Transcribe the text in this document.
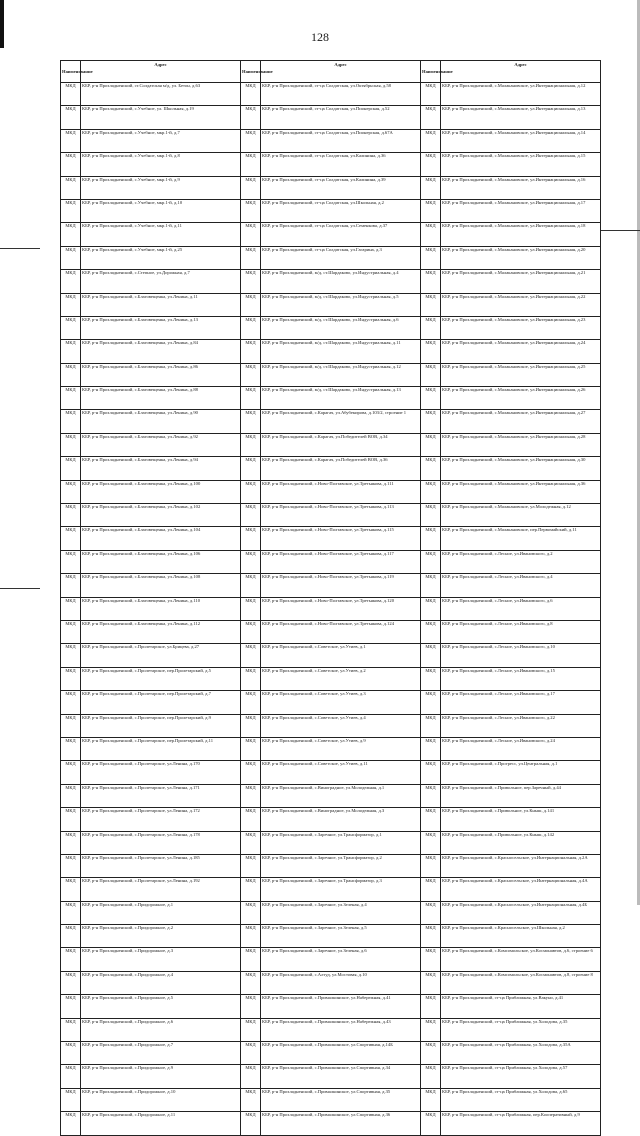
128
Наименование	Адрес	Наименование	Адрес	Наименование	Адрес
МКД	КБР, р-н Прохладненский, ст.Солдатская м/д, ул. Бетон, д.63	МКД	КБР, р-н Прохладненский, ст-ца Солдатская, ул.Октябрьская, д.58	МКД	КБР, р-н Прохладненский, с.Малакановское, ул.Интернациональная, д.12
МКД	КБР, р-н Прохладненский, с.Учебное, ул. Школьная, д.19	МКД	КБР, р-н Прохладненский, ст-ца Солдатская, ул.Пионерская, д.52	МКД	КБР, р-н Прохладненский, с.Малакановское, ул.Интернациональная, д.13
МКД	КБР, р-н Прохладненский, с.Учебное, мкр.1-й, д.7	МКД	КБР, р-н Прохладненский, ст-ца Солдатская, ул.Пионерская, д.67А	МКД	КБР, р-н Прохладненский, с.Малакановское, ул.Интернациональная, д.14
МКД	КБР, р-н Прохладненский, с.Учебное, мкр.1-й, д.8	МКД	КБР, р-н Прохладненский, ст-ца Солдатская, ул.Калинина, д.36	МКД	КБР, р-н Прохладненский, с.Малакановское, ул.Интернациональная, д.15
МКД	КБР, р-н Прохладненский, с.Учебное, мкр.1-й, д.9	МКД	КБР, р-н Прохладненский, ст-ца Солдатская, ул.Калинина, д.39	МКД	КБР, р-н Прохладненский, с.Малакановское, ул.Интернациональная, д.16
МКД	КБР, р-н Прохладненский, с.Учебное, мкр.1-й, д.10	МКД	КБР, р-н Прохладненский, ст-ца Солдатская, ул.Школьная, д.2	МКД	КБР, р-н Прохладненский, с.Малакановское, ул.Интернациональная, д.17
МКД	КБР, р-н Прохладненский, с.Учебное, мкр.1-й, д.11	МКД	КБР, р-н Прохладненский, ст-ца Солдатская, ул.Семенкова, д.37	МКД	КБР, р-н Прохладненский, с.Малакановское, ул.Интернациональная, д.18
МКД	КБР, р-н Прохладненский, с.Учебное, мкр.1-й, д.25	МКД	КБР, р-н Прохладненский, ст-ца Солдатская, ул.Гагарина, д.3	МКД	КБР, р-н Прохладненский, с.Малакановское, ул.Интернациональная, д.20
МКД	КБР, р-н Прохладненский, с.Степное, ул.Дорожная, д.7	МКД	КБР, р-н Прохладненский, м/д, ст.Шардаково, ул.Индустриальная, д.4	МКД	КБР, р-н Прохладненский, с.Малакановское, ул.Интернациональная, д.21
МКД	КБР, р-н Прохладненский, с.Благовещенка, ул.Ленина, д.11	МКД	КБР, р-н Прохладненский, м/д, ст.Шардаково, ул.Индустриальная, д.5	МКД	КБР, р-н Прохладненский, с.Малакановское, ул.Интернациональная, д.22
МКД	КБР, р-н Прохладненский, с.Благовещенка, ул.Ленина, д.13	МКД	КБР, р-н Прохладненский, м/д, ст.Шардаково, ул.Индустриальная, д.6	МКД	КБР, р-н Прохладненский, с.Малакановское, ул.Интернациональная, д.23
МКД	КБР, р-н Прохладненский, с.Благовещенка, ул.Ленина, д.84	МКД	КБР, р-н Прохладненский, м/д, ст.Шардаково, ул.Индустриальная, д.11	МКД	КБР, р-н Прохладненский, с.Малакановское, ул.Интернациональная, д.24
МКД	КБР, р-н Прохладненский, с.Благовещенка, ул.Ленина, д.86	МКД	КБР, р-н Прохладненский, м/д, ст.Шардаково, ул.Индустриальная, д.12	МКД	КБР, р-н Прохладненский, с.Малакановское, ул.Интернациональная, д.25
МКД	КБР, р-н Прохладненский, с.Благовещенка, ул.Ленина, д.88	МКД	КБР, р-н Прохладненский, м/д, ст.Шардаково, ул.Индустриальная, д.13	МКД	КБР, р-н Прохладненский, с.Малакановское, ул.Интернациональная, д.26
МКД	КБР, р-н Прохладненский, с.Благовещенка, ул.Ленина, д.90	МКД	КБР, р-н Прохладненский, с.Карагач, ул.Абубекирова, д.103/2, строение 1	МКД	КБР, р-н Прохладненский, с.Малакановское, ул.Интернациональная, д.27
МКД	КБР, р-н Прохладненский, с.Благовещенка, ул.Ленина, д.92	МКД	КБР, р-н Прохладненский, с.Карагач, ул.Победителей ВОВ, д.34	МКД	КБР, р-н Прохладненский, с.Малакановское, ул.Интернациональная, д.28
МКД	КБР, р-н Прохладненский, с.Благовещенка, ул.Ленина, д.94	МКД	КБР, р-н Прохладненский, с.Карагач, ул.Победителей ВОВ, д.36	МКД	КБР, р-н Прохладненский, с.Малакановское, ул.Интернациональная, д.30
МКД	КБР, р-н Прохладненский, с.Благовещенка, ул.Ленина, д.100	МКД	КБР, р-н Прохладненский, с.Ново-Полтавское, ул.Третьякова, д.111	МКД	КБР, р-н Прохладненский, с.Малакановское, ул.Интернациональная, д.36
МКД	КБР, р-н Прохладненский, с.Благовещенка, ул.Ленина, д.102	МКД	КБР, р-н Прохладненский, с.Ново-Полтавское, ул.Третьякова, д.113	МКД	КБР, р-н Прохладненский, с.Малакановское, ул.Молодежная, д.12
МКД	КБР, р-н Прохладненский, с.Благовещенка, ул.Ленина, д.104	МКД	КБР, р-н Прохладненский, с.Ново-Полтавское, ул.Третьякова, д.115	МКД	КБР, р-н Прохладненский, с.Малакановское, пер.Первомайский, д.11
МКД	КБР, р-н Прохладненский, с.Благовещенка, ул.Ленина, д.106	МКД	КБР, р-н Прохладненский, с.Ново-Полтавское, ул.Третьякова, д.117	МКД	КБР, р-н Прохладненский, с.Лесное, ул.Ивановского, д.2
МКД	КБР, р-н Прохладненский, с.Благовещенка, ул.Ленина, д.108	МКД	КБР, р-н Прохладненский, с.Ново-Полтавское, ул.Третьякова, д.119	МКД	КБР, р-н Прохладненский, с.Лесное, ул.Ивановского, д.4
МКД	КБР, р-н Прохладненский, с.Благовещенка, ул.Ленина, д.110	МКД	КБР, р-н Прохладненский, с.Ново-Полтавское, ул.Третьякова, д.120	МКД	КБР, р-н Прохладненский, с.Лесное, ул.Ивановского, д.6
МКД	КБР, р-н Прохладненский, с.Благовещенка, ул.Ленина, д.112	МКД	КБР, р-н Прохладненский, с.Ново-Полтавское, ул.Третьякова, д.124	МКД	КБР, р-н Прохладненский, с.Лесное, ул.Ивановского, д.8
МКД	КБР, р-н Прохладненский, с.Пролетарское, ул.Брицева, д.27	МКД	КБР, р-н Прохладненский, с.Советское, ул.Утиев, д.1	МКД	КБР, р-н Прохладненский, с.Лесное, ул.Ивановского, д.10
МКД	КБР, р-н Прохладненский, с.Пролетарское, пер.Пролетарский, д.5	МКД	КБР, р-н Прохладненский, с.Советское, ул.Утиев, д.2	МКД	КБР, р-н Прохладненский, с.Лесное, ул.Ивановского, д.15
МКД	КБР, р-н Прохладненский, с.Пролетарское, пер.Пролетарский, д.7	МКД	КБР, р-н Прохладненский, с.Советское, ул.Утиев, д.3	МКД	КБР, р-н Прохладненский, с.Лесное, ул.Ивановского, д.17
МКД	КБР, р-н Прохладненский, с.Пролетарское, пер.Пролетарский, д.9	МКД	КБР, р-н Прохладненский, с.Советское, ул.Утиев, д.4	МКД	КБР, р-н Прохладненский, с.Лесное, ул.Ивановского, д.22
МКД	КБР, р-н Прохладненский, с.Пролетарское, пер.Пролетарский, д.11	МКД	КБР, р-н Прохладненский, с.Советское, ул.Утиев, д.9	МКД	КБР, р-н Прохладненский, с.Лесное, ул.Ивановского, д.24
МКД	КБР, р-н Прохладненский, с.Пролетарское, ул.Ленина, д.170	МКД	КБР, р-н Прохладненский, с.Советское, ул.Утиев, д.11	МКД	КБР, р-н Прохладненский, с.Прогресс, ул.Центральная, д.1
МКД	КБР, р-н Прохладненский, с.Пролетарское, ул.Ленина, д.171	МКД	КБР, р-н Прохладненский, с.Виноградное, ул.Молодежная, д.1	МКД	КБР, р-н Прохладненский, с.Привольное, пер.Заречный, д.44
МКД	КБР, р-н Прохладненский, с.Пролетарское, ул.Ленина, д.172	МКД	КБР, р-н Прохладненский, с.Виноградное, ул.Молодежная, д.3	МКД	КБР, р-н Прохладненский, с.Привольное, ул.Кныш, д.141
МКД	КБР, р-н Прохладненский, с.Пролетарское, ул.Ленина, д.178	МКД	КБР, р-н Прохладненский, с.Заречное, ул.Трансформатор, д.1	МКД	КБР, р-н Прохладненский, с.Привольное, ул.Кныш, д.142
МКД	КБР, р-н Прохладненский, с.Пролетарское, ул.Ленина, д.185	МКД	КБР, р-н Прохладненский, с.Заречное, ул.Трансформатор, д.2	МКД	КБР, р-н Прохладненский, с.Красносельское, ул.Интернациональная, д.2А
МКД	КБР, р-н Прохладненский, с.Пролетарское, ул.Ленина, д.192	МКД	КБР, р-н Прохладненский, с.Заречное, ул.Трансформатор, д.3	МКД	КБР, р-н Прохладненский, с.Красносельское, ул.Интернациональная, д.4А
МКД	КБР, р-н Прохладненский, с.Придорожное, д.1	МКД	КБР, р-н Прохладненский, с.Заречное, ул.Зеленая, д.4	МКД	КБР, р-н Прохладненский, с.Красносельское, ул.Интернациональная, д.4Б
МКД	КБР, р-н Прохладненский, с.Придорожное, д.2	МКД	КБР, р-н Прохладненский, с.Заречное, ул.Зеленая, д.5	МКД	КБР, р-н Прохладненский, с.Красносельское, ул.Школьная, д.2
МКД	КБР, р-н Прохладненский, с.Придорожное, д.3	МКД	КБР, р-н Прохладненский, с.Заречное, ул.Зеленая, д.6	МКД	КБР, р-н Прохладненский, с.Комсомольское, ул.Космонавтов, д.6, строение 6
МКД	КБР, р-н Прохладненский, с.Придорожное, д.4	МКД	КБР, р-н Прохладненский, с.Алтуд, ул.Мостовая, д.10	МКД	КБР, р-н Прохладненский, с.Комсомольское, ул.Космонавтов, д.8, строение 8
МКД	КБР, р-н Прохладненский, с.Придорожное, д.5	МКД	КБР, р-н Прохладненский, с.Прималкинское, ул.Набережная, д.41	МКД	КБР, р-н Прохладненский, ст-ца Приближная, ул.Вакуно, д.41
МКД	КБР, р-н Прохладненский, с.Придорожное, д.6	МКД	КБР, р-н Прохладненский, с.Прималкинское, ул.Набережная, д.43	МКД	КБР, р-н Прохладненский, ст-ца Приближная, ул.Холодова, д.35
МКД	КБР, р-н Прохладненский, с.Придорожное, д.7	МКД	КБР, р-н Прохладненский, с.Прималкинское, ул.Спортивная, д.14Б	МКД	КБР, р-н Прохладненский, ст-ца Приближная, ул.Холодова, д.35А
МКД	КБР, р-н Прохладненский, с.Придорожное, д.9	МКД	КБР, р-н Прохладненский, с.Прималкинское, ул.Спортивная, д.34	МКД	КБР, р-н Прохладненский, ст-ца Приближная, ул.Холодова, д.57
МКД	КБР, р-н Прохладненский, с.Придорожное, д.10	МКД	КБР, р-н Прохладненский, с.Прималкинское, ул.Спортивная, д.35	МКД	КБР, р-н Прохладненский, ст-ца Приближная, ул.Холодова, д.65
МКД	КБР, р-н Прохладненский, с.Придорожное, д.11	МКД	КБР, р-н Прохладненский, с.Прималкинское, ул.Спортивная, д.36	МКД	КБР, р-н Прохладненский, ст-ца Приближная, пер.Кооперативный, д.9
